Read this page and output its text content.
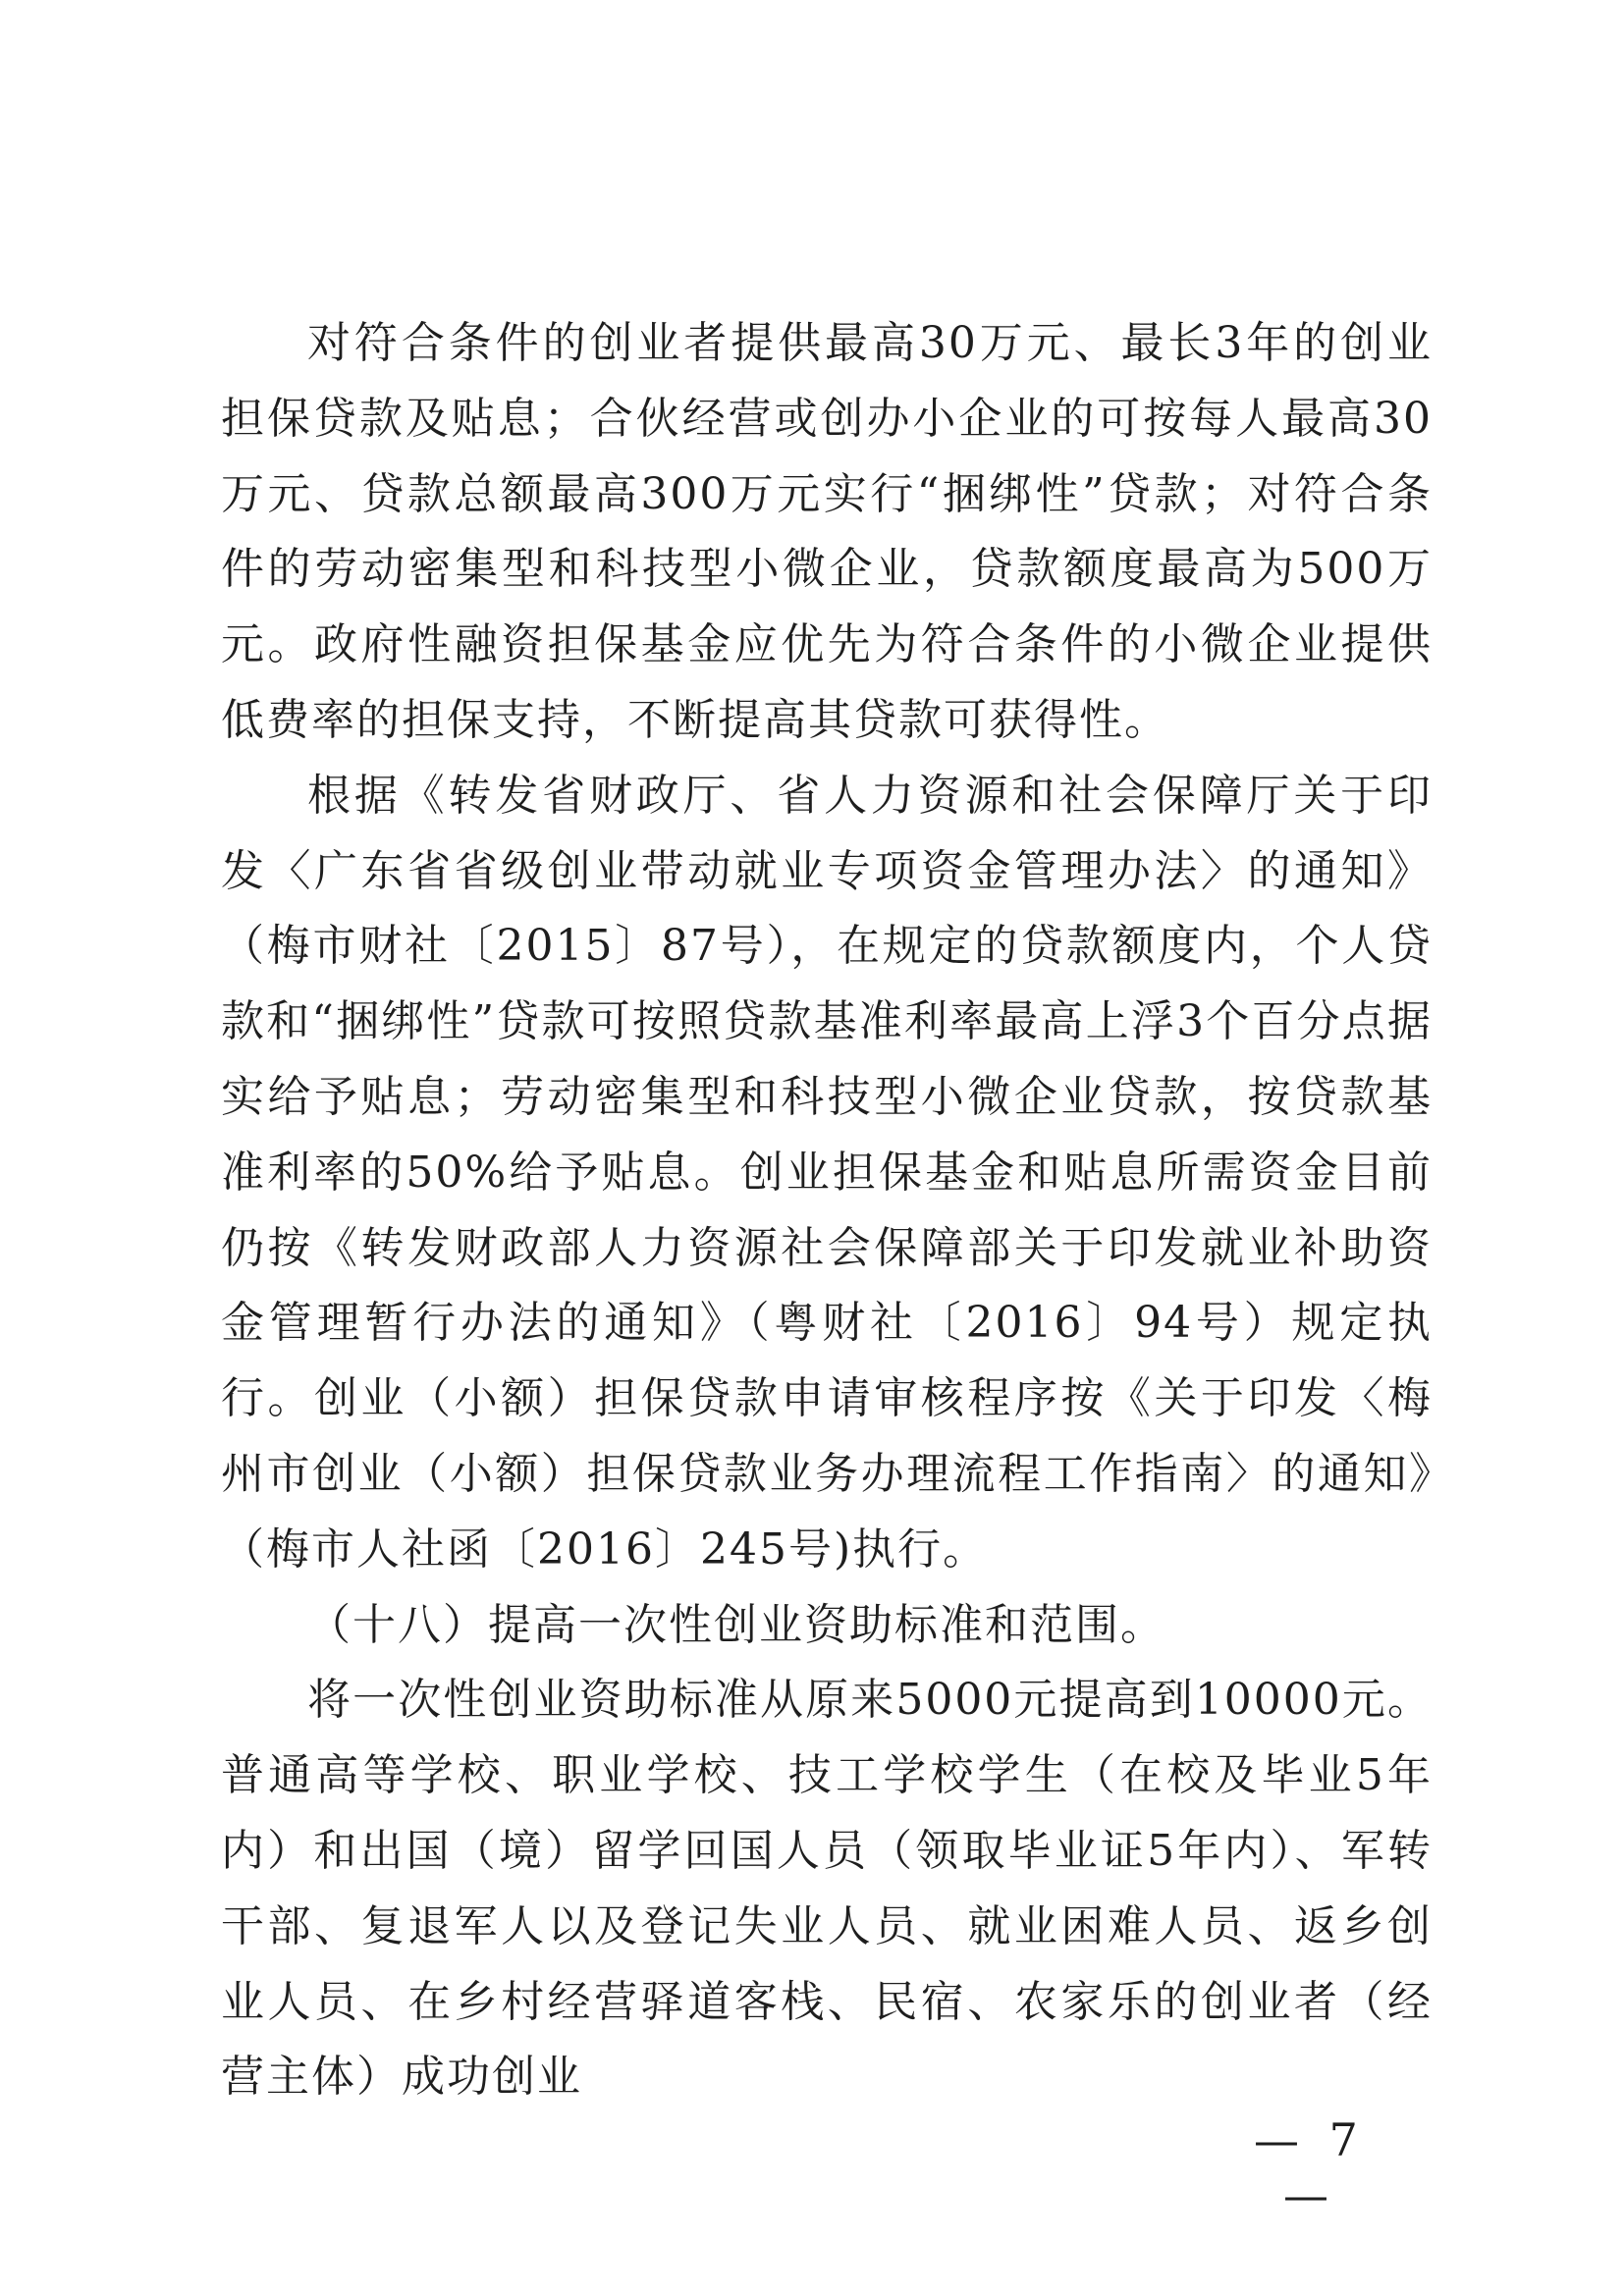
对符合条件的创业者提供最高30万元、最长3年的创业担保贷款及贴息；合伙经营或创办小企业的可按每人最高30万元、贷款总额最高300万元实行“捆绑性”贷款；对符合条件的劳动密集型和科技型小微企业，贷款额度最高为500万元。政府性融资担保基金应优先为符合条件的小微企业提供低费率的担保支持，不断提高其贷款可获得性。

根据《转发省财政厅、省人力资源和社会保障厅关于印发〈广东省省级创业带动就业专项资金管理办法〉的通知》（梅市财社〔2015〕87号），在规定的贷款额度内，个人贷款和“捆绑性”贷款可按照贷款基准利率最高上浮3个百分点据实给予贴息；劳动密集型和科技型小微企业贷款，按贷款基准利率的50%给予贴息。创业担保基金和贴息所需资金目前仍按《转发财政部人力资源社会保障部关于印发就业补助资金管理暂行办法的通知》（粤财社〔2016〕94号）规定执行。创业（小额）担保贷款申请审核程序按《关于印发〈梅州市创业（小额）担保贷款业务办理流程工作指南〉的通知》（梅市人社函〔2016〕245号)执行。

（十八）提高一次性创业资助标准和范围。

将一次性创业资助标准从原来5000元提高到10000元。普通高等学校、职业学校、技工学校学生（在校及毕业5年内）和出国（境）留学回国人员（领取毕业证5年内）、军转干部、复退军人以及登记失业人员、就业困难人员、返乡创业人员、在乡村经营驿道客栈、民宿、农家乐的创业者（经营主体）成功创业

— 7 —
